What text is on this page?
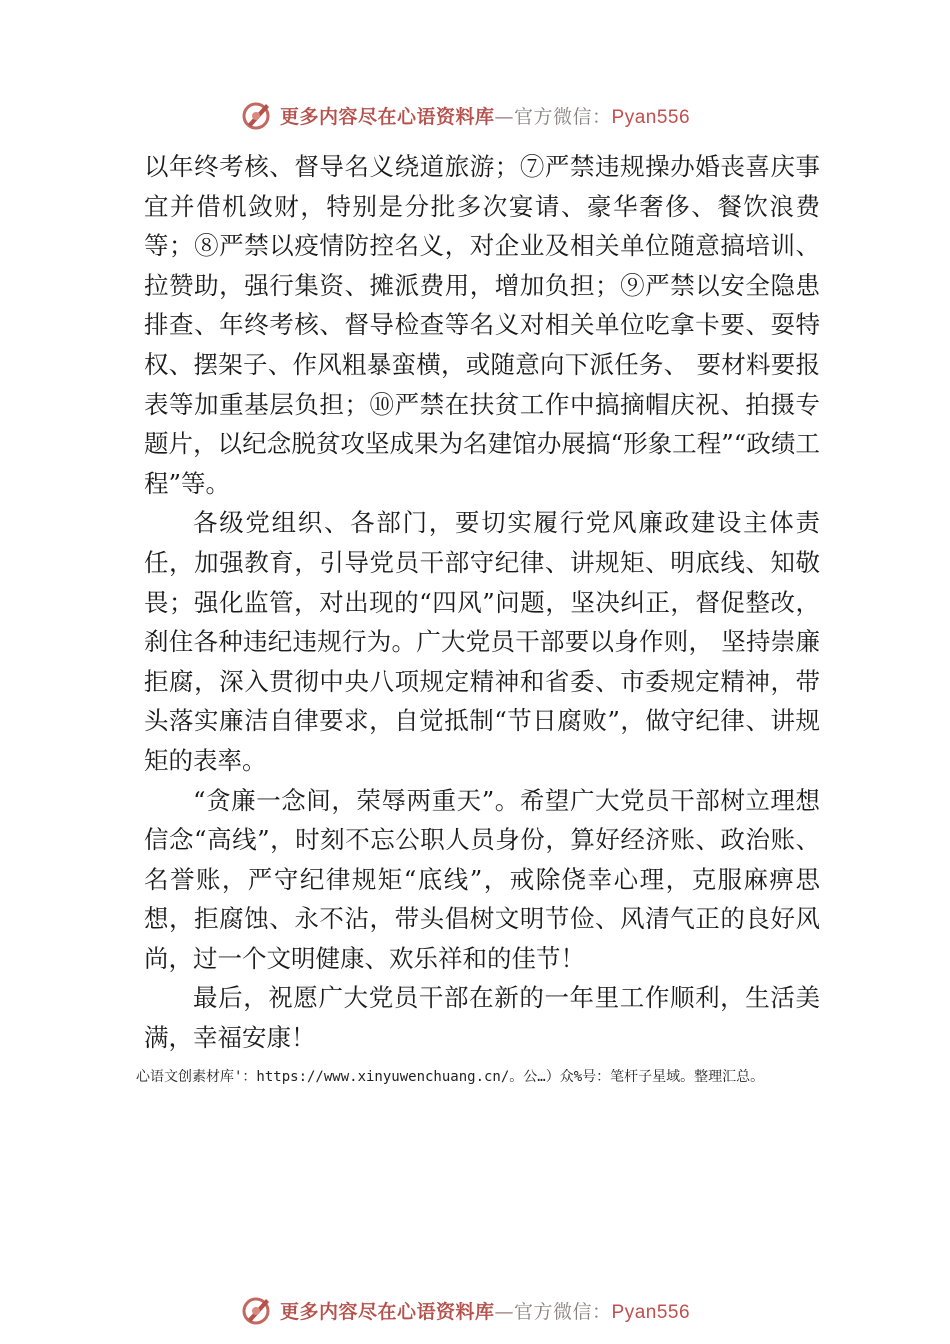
更多内容尽在心语资料库—官方微信：Pyan556

以年终考核、督导名义绕道旅游；⑦严禁违规操办婚丧喜庆事宜并借机敛财，特别是分批多次宴请、豪华奢侈、餐饮浪费等；⑧严禁以疫情防控名义，对企业及相关单位随意搞培训、拉赞助，强行集资、摊派费用，增加负担；⑨严禁以安全隐患排查、年终考核、督导检查等名义对相关单位吃拿卡要、耍特权、摆架子、作风粗暴蛮横，或随意向下派任务、 要材料要报表等加重基层负担；⑩严禁在扶贫工作中搞摘帽庆祝、拍摄专题片，以纪念脱贫攻坚成果为名建馆办展搞“形象工程”“政绩工程”等。

各级党组织、各部门，要切实履行党风廉政建设主体责任，加强教育，引导党员干部守纪律、讲规矩、明底线、知敬畏；强化监管，对出现的“四风”问题，坚决纠正，督促整改，刹住各种违纪违规行为。广大党员干部要以身作则， 坚持崇廉拒腐，深入贯彻中央八项规定精神和省委、市委规定精神，带头落实廉洁自律要求，自觉抵制“节日腐败”，做守纪律、讲规矩的表率。

“贪廉一念间，荣辱两重天”。希望广大党员干部树立理想信念“高线”，时刻不忘公职人员身份，算好经济账、政治账、名誉账，严守纪律规矩“底线”，戒除侥幸心理，克服麻痹思想，拒腐蚀、永不沾，带头倡树文明节俭、风清气正的良好风尚，过一个文明健康、欢乐祥和的佳节！

最后，祝愿广大党员干部在新的一年里工作顺利，生活美满，幸福安康！

心语文创素材库'：https://www.xinyuwenchuang.cn/。公…）众%号：笔杆子星域。整理汇总。
更多内容尽在心语资料库—官方微信：Pyan556
